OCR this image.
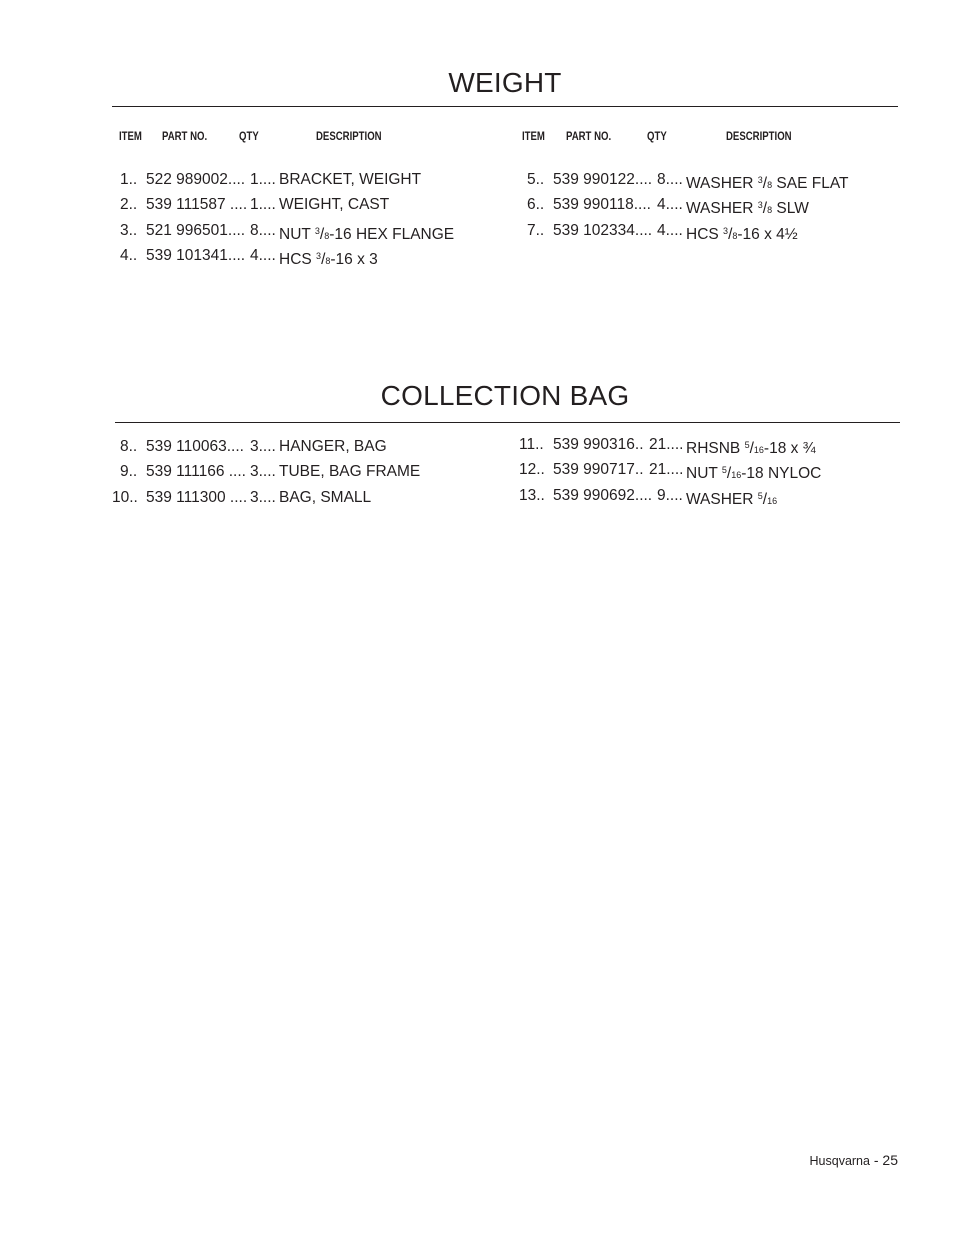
WEIGHT
ITEM PART NO.	QTY	DESCRIPTION	ITEM PART NO.	QTY	DESCRIPTION
1.. 522 989002.... 1.... BRACKET, WEIGHT
2.. 539 111587 .... 1.... WEIGHT, CAST
3.. 521 996501.... 8.... NUT $^3$/8-16 HEX FLANGE
4.. 539 101341.... 4.... HCS $^3$/8-16 x 3
5.. 539 990122.... 8.... WASHER $^3$/8 SAE FLAT
6.. 539 990118.... 4.... WASHER $^3$/8 SLW
7.. 539 102334.... 4.... HCS $^3$/8-16 x 4½
COLLECTION BAG
8.. 539 110063.... 3.... HANGER, BAG
9.. 539 111166 .... 3.... TUBE, BAG FRAME
10.. 539 111300 .... 3.... BAG, SMALL
11.. 539 990316.. 21.... RHSNB $^5$/16-18 x ¾
12.. 539 990717.. 21.... NUT $^5$/16-18 NYLOC
13.. 539 990692.... 9.... WASHER $^5$/16
Husqvarna - 25
